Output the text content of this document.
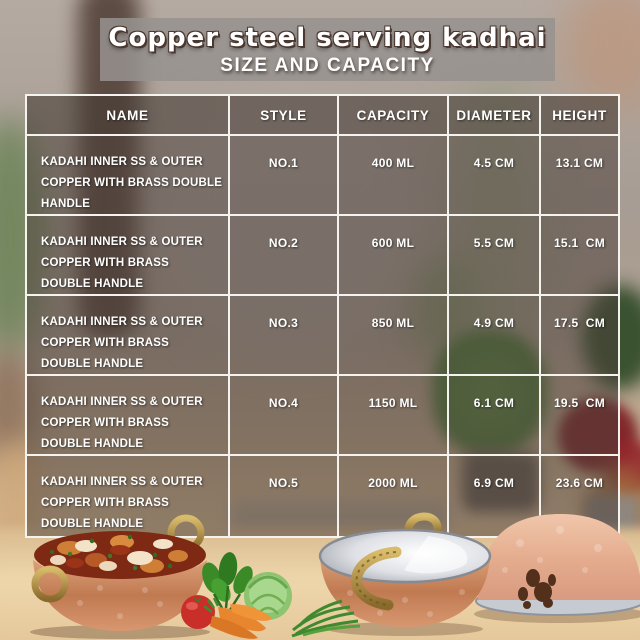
Copper steel serving kadhai
SIZE AND CAPACITY
NAME	STYLE	CAPACITY	DIAMETER	HEIGHT
KADAHI INNER SS & OUTER
COPPER WITH BRASS DOUBLE
HANDLE
NO.1	400 ML	4.5 CM	13.1 CM
KADAHI INNER SS & OUTER
COPPER WITH BRASS
DOUBLE HANDLE
NO.2	600 ML	5.5 CM	15.1  CM
KADAHI INNER SS & OUTER
COPPER WITH BRASS
DOUBLE HANDLE
NO.3	850 ML	4.9 CM	17.5  CM
KADAHI INNER SS & OUTER
COPPER WITH BRASS
DOUBLE HANDLE
NO.4	1150 ML	6.1 CM	19.5  CM
KADAHI INNER SS & OUTER
COPPER WITH BRASS
DOUBLE HANDLE
NO.5	2000 ML	6.9 CM	23.6 CM
